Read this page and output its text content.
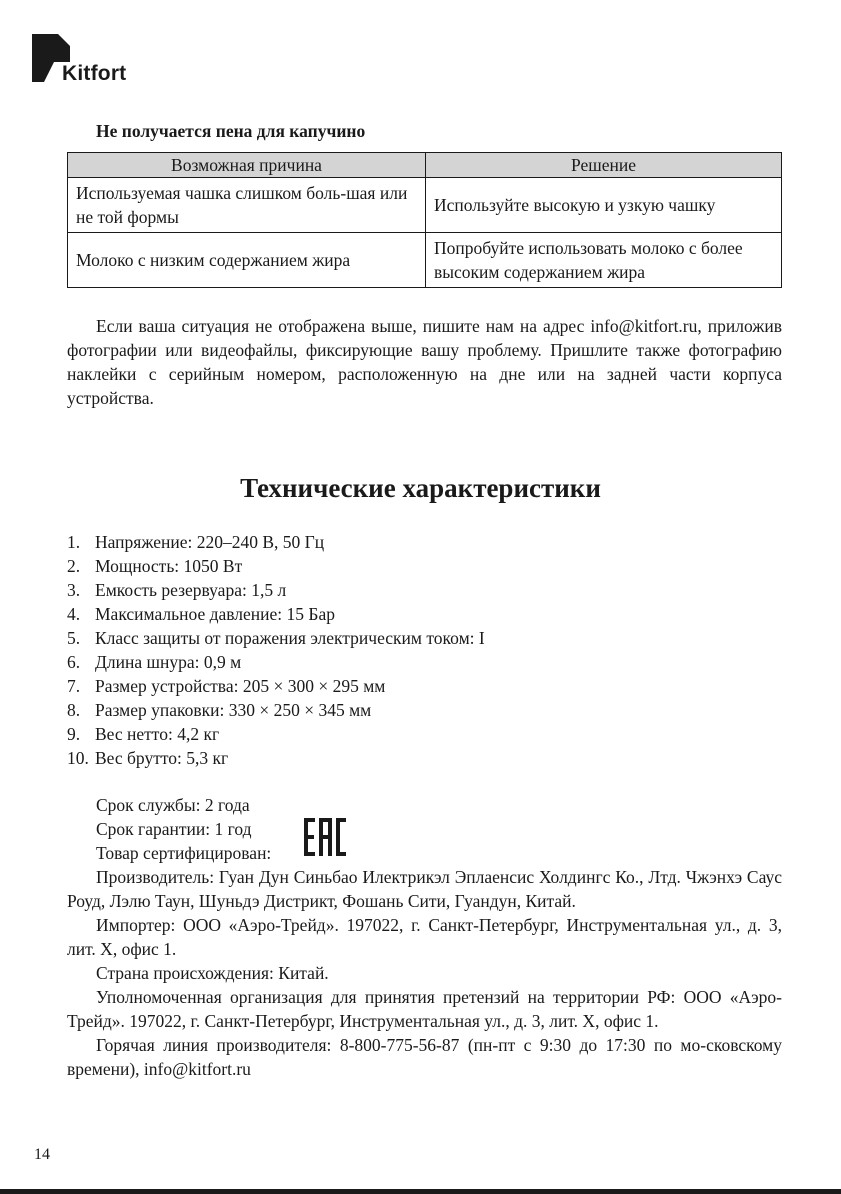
Kitfort
Не получается пена для капучино
Возможная причина	Решение
Используемая чашка слишком боль-шая или не той формы	Используйте высокую и узкую чашку
Молоко с низким содержанием жира	Попробуйте использовать молоко с более высоким содержанием жира

Если ваша ситуация не отображена выше, пишите нам на адрес info@kitfort.ru, приложив фотографии или видеофайлы, фиксирующие вашу проблему. Пришлите также фотографию наклейки с серийным номером, расположенную на дне или на задней части корпуса устройства.

Технические характеристики
1. Напряжение: 220–240 В, 50 Гц
2. Мощность: 1050 Вт
3. Емкость резервуара: 1,5 л
4. Максимальное давление: 15 Бар
5. Класс защиты от поражения электрическим током: I
6. Длина шнура: 0,9 м
7. Размер устройства: 205 × 300 × 295 мм
8. Размер упаковки: 330 × 250 × 345 мм
9. Вес нетто: 4,2 кг
10. Вес брутто: 5,3 кг
Срок службы: 2 года
Срок гарантии: 1 год
Товар сертифицирован:

Производитель: Гуан Дун Синьбао Илектрикэл Эплаенсис Холдингс Ко., Лтд. Чжэнхэ Саус Роуд, Лэлю Таун, Шуньдэ Дистрикт, Фошань Сити, Гуандун, Китай.

Импортер: ООО «Аэро-Трейд». 197022, г. Санкт-Петербург, Инструментальная ул., д. 3, лит. Х, офис 1.

Страна происхождения: Китай.

Уполномоченная организация для принятия претензий на территории РФ: ООО «Аэро-Трейд». 197022, г. Санкт-Петербург, Инструментальная ул., д. 3, лит. Х, офис 1.

Горячая линия производителя: 8-800-775-56-87 (пн-пт с 9:30 до 17:30 по мо-сковскому времени), info@kitfort.ru

14
